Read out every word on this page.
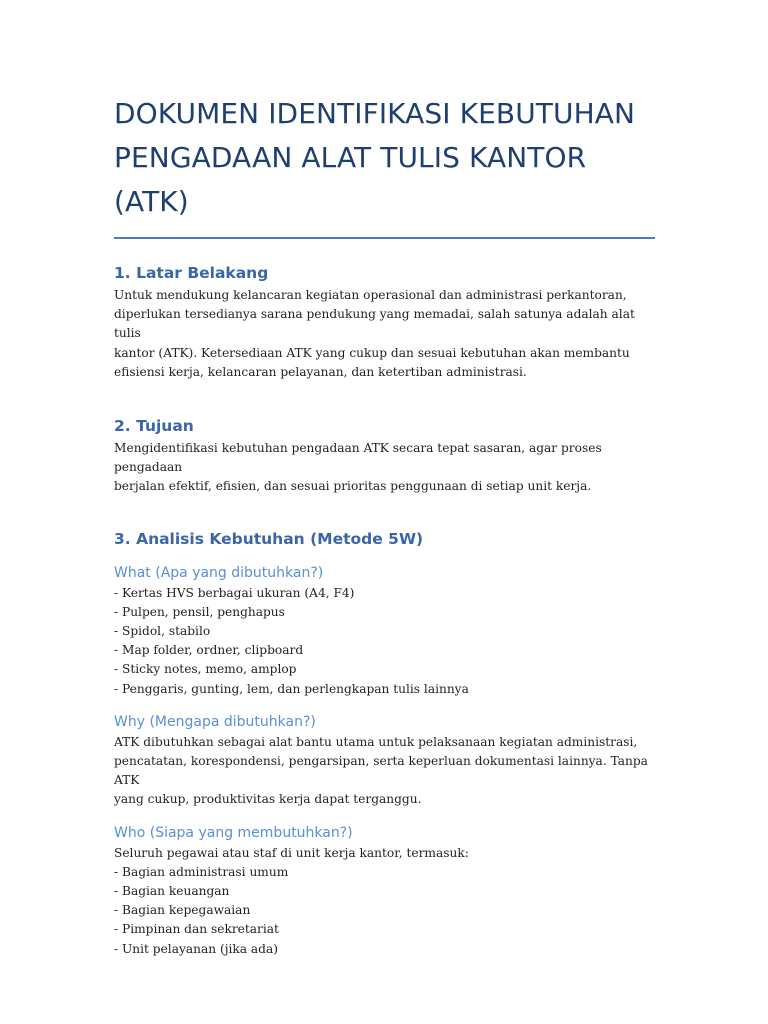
DOKUMEN IDENTIFIKASI KEBUTUHAN
PENGADAAN ALAT TULIS KANTOR (ATK)
1. Latar Belakang
Untuk mendukung kelancaran kegiatan operasional dan administrasi perkantoran,
diperlukan tersedianya sarana pendukung yang memadai, salah satunya adalah alat tulis
kantor (ATK). Ketersediaan ATK yang cukup dan sesuai kebutuhan akan membantu
efisiensi kerja, kelancaran pelayanan, dan ketertiban administrasi.
2. Tujuan
Mengidentifikasi kebutuhan pengadaan ATK secara tepat sasaran, agar proses pengadaan
berjalan efektif, efisien, dan sesuai prioritas penggunaan di setiap unit kerja.
3. Analisis Kebutuhan (Metode 5W)
What (Apa yang dibutuhkan?)
- Kertas HVS berbagai ukuran (A4, F4)
- Pulpen, pensil, penghapus
- Spidol, stabilo
- Map folder, ordner, clipboard
- Sticky notes, memo, amplop
- Penggaris, gunting, lem, dan perlengkapan tulis lainnya
Why (Mengapa dibutuhkan?)
ATK dibutuhkan sebagai alat bantu utama untuk pelaksanaan kegiatan administrasi,
pencatatan, korespondensi, pengarsipan, serta keperluan dokumentasi lainnya. Tanpa ATK
yang cukup, produktivitas kerja dapat terganggu.
Who (Siapa yang membutuhkan?)
Seluruh pegawai atau staf di unit kerja kantor, termasuk:
- Bagian administrasi umum
- Bagian keuangan
- Bagian kepegawaian
- Pimpinan dan sekretariat
- Unit pelayanan (jika ada)
